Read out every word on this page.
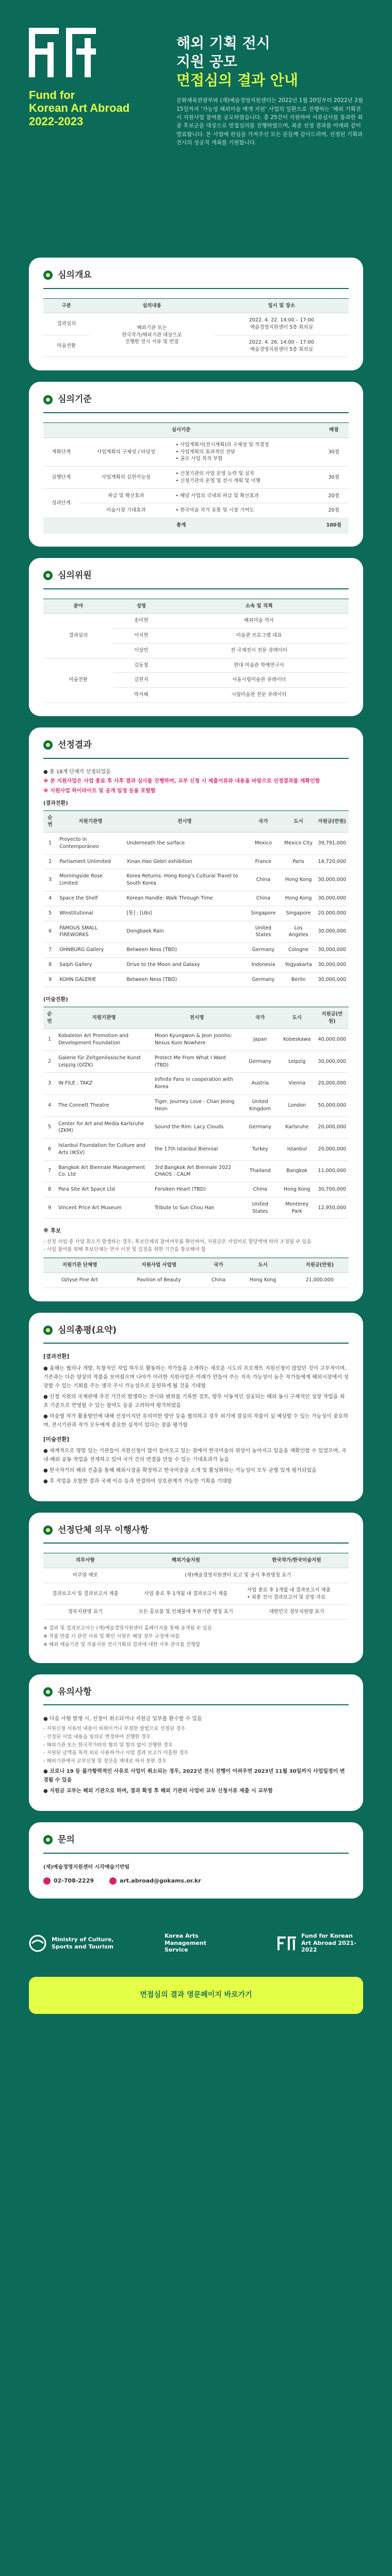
Fund for
Korean Art Abroad
2022-2023
해외 기획 전시
지원 공모
면접심의 결과 안내
문화체육관광부와 (재)예술경영지원센터는 2022년 1월 20일부터 2022년 2월 15일까지 ‘가능성 해외미술 매개 지원’ 사업의 일환으로 진행하는 ‘해외 기획전시 지원사업 참여를 공모하였습니다. 총 25건이 지원하여 서류심사를 통과한 최종 후보군을 대상으로 면접심의를 진행하였으며, 최종 선정 결과를 아래와 같이 발표합니다. 본 사업에 관심을 가져주신 모든 분들께 감사드리며, 선정된 기획과 전시의 성공적 개최를 기원합니다.
심의개요
구분	심의내용	일시 및 장소
결과심의	해외기관 또는
한국작가/해외기관 대상으로
진행한 전시 서류 및 면접	2022. 4. 22. 14:00 – 17:00
예술경영지원센터 5층 회의실
미술전환		2022. 4. 26. 14:00 – 17:00
예술경영지원센터 5층 회의실
심의기준
심사기준			배점
계획단계	사업계획의 구체성 / 타당성	• 사업계획서(전시계획)의 구체성 및 적정성
• 사업계획의 효과적인 전달
• 공모 사업 목적 부합	30점
실행단계	사업계획의 실현가능성	• 신청기관의 사업 운영 능력 및 실적
• 신청기관의 운영 및 전시 계획 및 이행	30점
성과단계	파급 및 확산효과	• 해당 사업의 국내외 파급 및 확산효과	20점
	미술시장 기대효과	• 한국미술 작가 유통 및 시장 기여도	20점
총계			100점
심의위원
분야	성명	소속 및 직책
결과심의	송미현	해외미술 역사
	이지현	미술관 프로그램 대표
	이상민	전 국제전시 전문 큐레이터
미술전환	김동철	현대 미술관 학예연구사
	김현지	서울시립미술관 큐레이터
	박지혜	시립미술관 전문 큐레이터
선정결과
● 총 18개 단체가 선정되었음
※ 본 지원사업은 사업 종료 후 사후 결과 심사를 진행하며, 교부 신청 시 제출서류와 내용을 바탕으로 선정결과를 재확인함
※ 지원사업 하이라이트 및 공개 일정 등을 포함함
(결과전환)
순번	지원기관명	전시명	국가	도시	지원금(만원)
1	Proyecto in Contemporáneo	Underneath the surface	Mexico	Mexico City	39,791,000
2	Parliament Unlimited	Xinan Hao Gebri exhibition	France	Paris	14,720,000
3	Morningside Rose Limited	Korea Returns: Hong Kong's Cultural Travel to South Korea	China	Hong Kong	30,000,000
4	Space the Shelf	Korean Handle: Walk Through Time	China	Hong Kong	30,000,000
5	Winstitutional	[통] : [Ubi]	Singapore	Singapore	20,000,000
6	FAMOUS SMALL FIREWORKS	Dongbaek Rain	United States	Los Angeles	30,000,000
7	OHNBURG Gallery	Between Ness (TBD)	Germany	Cologne	30,000,000
8	Salph Gallery	Drive to the Moon and Galaxy	Indonesia	Yogyakarta	30,000,000
9	KOHN GALERIE	Between Ness (TBD)	Germany	Berlin	30,000,000
(미술전환)
순번	지원기관명	전시명	국가	도시	지원금(만원)
1	Kobaleion Art Promotion and Development Foundation	Moon Kyungwon & Jeon Joonho: Nexus Kuro Nowhere	Japan	Kobeskawa	40,000,000
2	Galerie für Zeitgenössische Kunst Leipzig (GfZK)	Protect Me From What I Want (TBD)	Germany	Leipzig	30,000,000
3	IN FILE : TAKZ	Infinite Fans in cooperation with Korea	Austria	Vienna	20,000,000
4	The Connett Theatre	Tiger, Journey Love - Chan Jeong Heon	United Kingdom	London	50,000,000
5	Center for Art and Media Karlsruhe (ZKM)	Sound the Rim: Lacy Clouds	Germany	Karlsruhe	20,000,000
6	Istanbul Foundation for Culture and Arts (IKSV)	the 17th Istanbul Biennial	Turkey	Istanbul	20,000,000
7	Bangkok Art Biennale Management Co. Ltd	3rd Bangkok Art Biennale 2022 CHAOS : CALM	Thailand	Bangkok	11,000,000
8	Para Site Art Space Ltd	Forsiken Heart (TBD)	China	Hong Kong	30,700,000
9	Vincent Price Art Museum	Tribute to Sun Chou Han	United States	Monterey Park	12,950,000
※ 후보
- 선정 사업 중 사업 취소가 발생하는 경우, 후보단체의 참여여부를 확인하여, 지원금은 사업비로 할당액에 따라 조정될 수 있음
- 사업 참여를 위해 후보단체는 연사 이전 및 일정을 위한 기간을 통보해야 함
지원기관 단체명	지원사업 사업명	국가	도시	지원금(만원)
Ozlyse Fine Art	Pavilion of Beauty	China	Hong Kong	21,000,000
심의총평(요약)
[결과전환]
● 올해는 협의나 개방, 독창적인 작업 하우로 활동하는 작가들을 소개하는 새로운 시도의 프로젝트 지원신청이 많았던 것이 고무적이며, 기존과는 다른 양상의 작품을 보여줬으며 나아가 이러한 지원사업은 미래가 만들어 주는 지속 가능성이 높은 작가들에게 해외시장에서 성장할 수 있는 기회를 주는 생각 주시 가능성으로 응원하게 될 것을 기대함
● 신청 지원의 국제판매 추진 기간의 발생하는 전시와 범위를 기록한 검토, 향후 이동적인 성공되는 해외 동시 구체적인 성장 작업을 최초 기준으로 반영할 수 있는 참여도 등을 고려하여 평가하였음
● 미술형 작가 활용방안에 대해 선정이지만 유의미한 방안 등을 협의하고 경우 외기에 결실의 작품이 실 예상할 수 있는 가능성이 중요하며, 전시기관과 작가 모두에게 중요한 실적이 있다는 점을 평가함
[미술전환]
● 세계적으로 명망 있는 기관들이 지원신청이 많이 들어오고 있는 점에서 한국미술의 위상이 높아지고 있음을 재확인할 수 있었으며, 국내·해외 공동 작업을 전개하고 있어 국가 간의 연결을 만들 수 있는 기대효과가 높음
● 한국작가의 해외 진출을 통해 해외시장을 확장하고 한국미술을 소개 및 활성화하는 가능성이 모두 균형 있게 평가되었음
● 후 작업을 포함한 결과 국제 이슈 등과 연결하여 상호관계가 가능한 기획을 기대함
선정단체 의무 이행사항
의무사항	해외기술지원	한국작가/한국미술지원
비주얼 배포	(재)예술경영지원센터 로고 및 공식 후원명칭 표기	
결과보고서 및 결과보고서 제출	사업 종료 후 1개월 내 결과보고서 제출	사업 종료 후 1개월 내 결과보고서 제출
• 최종 전시 결과보고서 및 증빙 자료
정부지원명 표기	모든 홍보물 및 인쇄물에 후원기관 명칭 표기	대한민국 정부지원명 표기
※ 결과 및 결과보고서는 (재)예술경영지원센터 홈페이지를 통해 공개될 수 있음
※ 작품 반출 시 관련 서류 및 확인 사항은 해당 정부 규정에 따름
※ 해외 예술기관 및 작품지원 전시기획의 결과에 대한 사후 관리를 진행함
유의사항
● 다음 사항 발생 시, 선정이 취소되거나 지원금 일부를 환수할 수 있음
- 지원신청 서류의 내용이 허위이거나 부정한 방법으로 선정된 경우
- 선정된 사업 내용을 임의로 변경하여 진행한 경우
- 해외기관 또는 한국작가와의 협의 및 합의 없이 진행한 경우
- 지원된 금액을 목적 외로 사용하거나 사업 결과 보고가 미흡한 경우
- 해외기관에서 교부신청 및 정산을 제대로 하지 못한 경우
● 코로나 19 등 불가항력적인 사유로 사업이 취소되는 경우, 2022년 전시 진행이 어려우면 2023년 11월 30일까지 사업일정이 변경될 수 있음
● 지원금 교부는 해외 기관으로 하며, 결과 확정 후 해외 기관의 사업비 교부 신청서류 제출 시 교부함
문의
(재)예술경영지원센터 시각예술기반팀
02-708-2229	art.abroad@gokams.or.kr
Ministry of Culture, Sports and Tourism
Korea Arts Management Service
Fund for Korean Art Abroad 2021-2022
면접심의 결과 영문페이지 바로가기
